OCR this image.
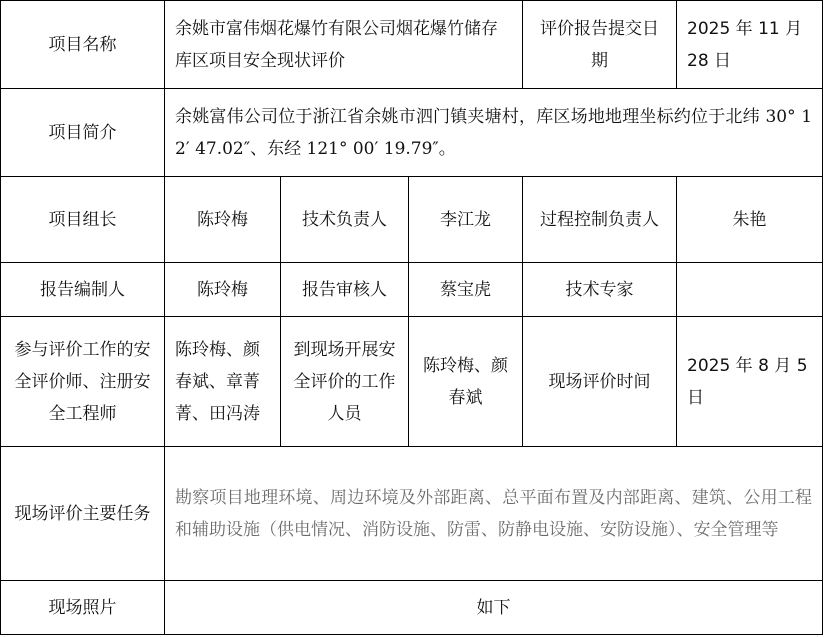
项目名称	余姚市富伟烟花爆竹有限公司烟花爆竹储存库区项目安全现状评价			评价报告提交日期	2025 年 11 月 28 日
项目简介	余姚富伟公司位于浙江省余姚市泗门镇夹塘村，库区场地地理坐标约位于北纬 30° 12′ 47.02″、东经 121° 00′ 19.79″。				
项目组长	陈玲梅	技术负责人	李江龙	过程控制负责人	朱艳
报告编制人	陈玲梅	报告审核人	蔡宝虎	技术专家	
参与评价工作的安全评价师、注册安全工程师	陈玲梅、颜春斌、章菁菁、田冯涛	到现场开展安全评价的工作人员	陈玲梅、颜春斌	现场评价时间	2025 年 8 月 5 日
现场评价主要任务	勘察项目地理环境、周边环境及外部距离、总平面布置及内部距离、建筑、公用工程和辅助设施（供电情况、消防设施、防雷、防静电设施、安防设施）、安全管理等				
现场照片	如下				
